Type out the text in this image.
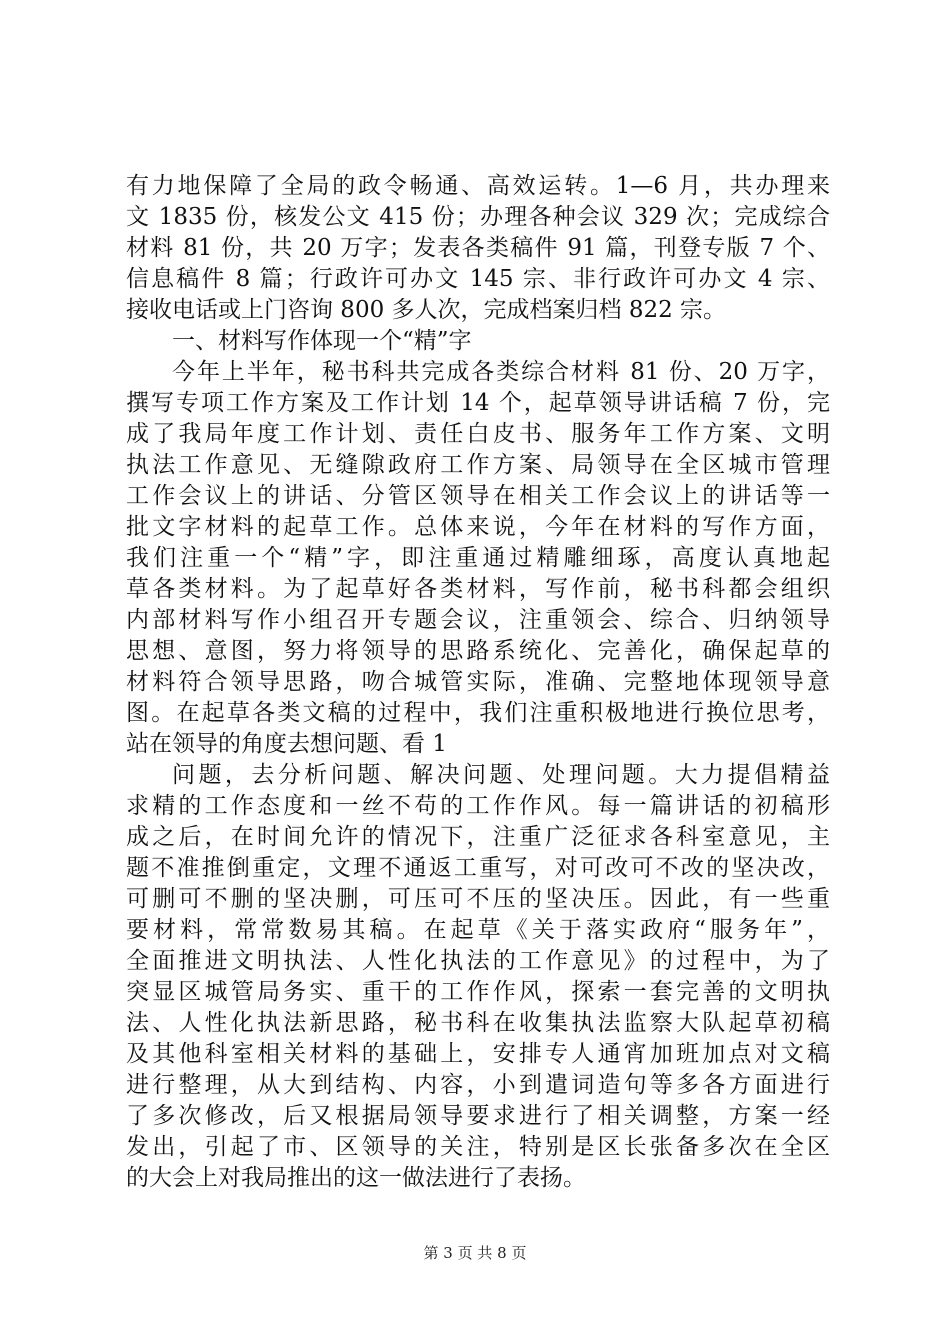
有力地保障了全局的政令畅通、高效运转。1—6 月，共办理来
文 1835 份，核发公文 415 份；办理各种会议 329 次；完成综合
材料 81 份，共 20 万字；发表各类稿件 91 篇，刊登专版 7 个、
信息稿件 8 篇；行政许可办文 145 宗、非行政许可办文 4 宗、
接收电话或上门咨询 800 多人次，完成档案归档 822 宗。
一、材料写作体现一个“精”字
今年上半年，秘书科共完成各类综合材料 81 份、20 万字，
撰写专项工作方案及工作计划 14 个，起草领导讲话稿 7 份，完
成了我局年度工作计划、责任白皮书、服务年工作方案、文明
执法工作意见、无缝隙政府工作方案、局领导在全区城市管理
工作会议上的讲话、分管区领导在相关工作会议上的讲话等一
批文字材料的起草工作。总体来说，今年在材料的写作方面，
我们注重一个“精”字，即注重通过精雕细琢，高度认真地起
草各类材料。为了起草好各类材料，写作前，秘书科都会组织
内部材料写作小组召开专题会议，注重领会、综合、归纳领导
思想、意图，努力将领导的思路系统化、完善化，确保起草的
材料符合领导思路，吻合城管实际，准确、完整地体现领导意
图。在起草各类文稿的过程中，我们注重积极地进行换位思考，
站在领导的角度去想问题、看 1
问题，去分析问题、解决问题、处理问题。大力提倡精益
求精的工作态度和一丝不苟的工作作风。每一篇讲话的初稿形
成之后，在时间允许的情况下，注重广泛征求各科室意见，主
题不准推倒重定，文理不通返工重写，对可改可不改的坚决改，
可删可不删的坚决删，可压可不压的坚决压。因此，有一些重
要材料，常常数易其稿。在起草《关于落实政府“服务年”，
全面推进文明执法、人性化执法的工作意见》的过程中，为了
突显区城管局务实、重干的工作作风，探索一套完善的文明执
法、人性化执法新思路，秘书科在收集执法监察大队起草初稿
及其他科室相关材料的基础上，安排专人通宵加班加点对文稿
进行整理，从大到结构、内容，小到遣词造句等多各方面进行
了多次修改，后又根据局领导要求进行了相关调整，方案一经
发出，引起了市、区领导的关注，特别是区长张备多次在全区
的大会上对我局推出的这一做法进行了表扬。
第 3 页 共 8 页
